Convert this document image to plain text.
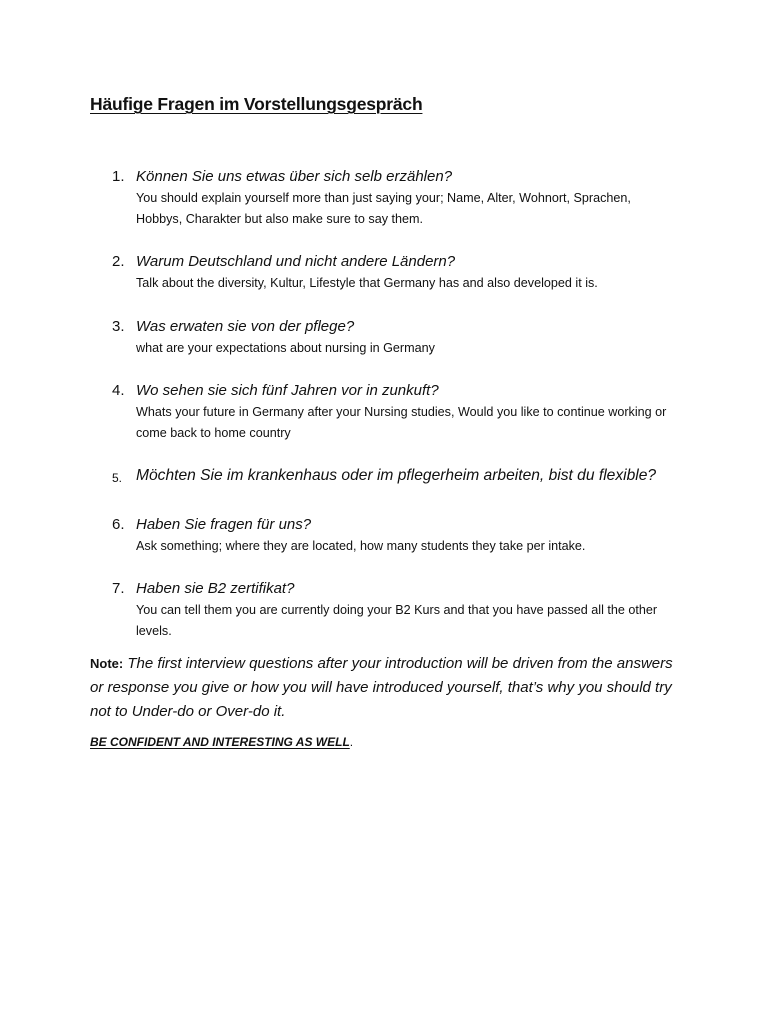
Häufige Fragen im Vorstellungsgespräch
1. Können Sie uns etwas über sich selb erzählen?
You should explain yourself more than just saying your; Name, Alter, Wohnort, Sprachen, Hobbys, Charakter but also make sure to say them.
2. Warum Deutschland und nicht andere Ländern?
Talk about the diversity, Kultur, Lifestyle that Germany has and also developed it is.
3. Was erwaten sie von der pflege?
what are your expectations about nursing in Germany
4. Wo sehen sie sich fünf Jahren vor in zunkuft?
Whats your future in Germany after your Nursing studies, Would you like to continue working or come back to home country
5. Möchten Sie im krankenhaus oder im pflegerheim arbeiten, bist du flexible?
6. Haben Sie fragen für uns?
Ask something; where they are located, how many students they take per intake.
7. Haben sie B2 zertifikat?
You can tell them you are currently doing your B2 Kurs and that you have passed all the other levels.
Note: The first interview questions after your introduction will be driven from the answers or response you give or how you will have introduced yourself, that’s why you should try not to Under-do or Over-do it.
BE CONFIDENT AND INTERESTING AS WELL.
